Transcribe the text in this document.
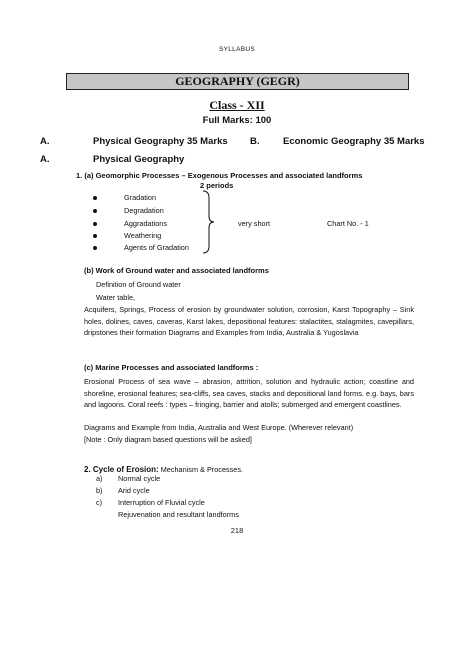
SYLLABUS
GEOGRAPHY (GEGR)
Class - XII
Full Marks: 100
A.	Physical Geography 35 Marks B. Economic Geography 35 Marks
A.	Physical Geography
1. (a) Geomorphic Processes – Exogenous Processes and associated landforms
2 periods
Gradation
Degradation
Aggradations
Weathering
Agents of Gradation
very short	Chart No. - 1
(b) Work of Ground water and associated landforms
Definition of Ground water
Water table,
Acquifers, Springs, Process of erosion by groundwater solution, corrosion, Karst Topography – Sink holes, dolines, caves, caveras, Karst lakes, depositional features: stalactites, stalagmites, cavepillars, dripstones their formation Diagrams and Examples from India, Australia & Yugoslavia
(c) Marine Processes and associated landforms :
Erosional Process of sea wave – abrasion, attrition, solution and hydraulic action; coastline and shoreline, erosional features; sea-cliffs, sea caves, stacks and depositional land forms. e.g. bays, bars and lagoons. Coral reefs : types – fringing, barrier and atolls; submerged and emergent coastlines.
Diagrams and Example from India, Australia and West Europe. (Wherever relevant)
[Note : Only diagram based questions will be asked]
2. Cycle of Erosion: Mechanism & Processes.
a) Normal cycle
b) Arid cycle
c) Interruption of Fluvial cycle
Rejuvenation and resultant landforms
218
